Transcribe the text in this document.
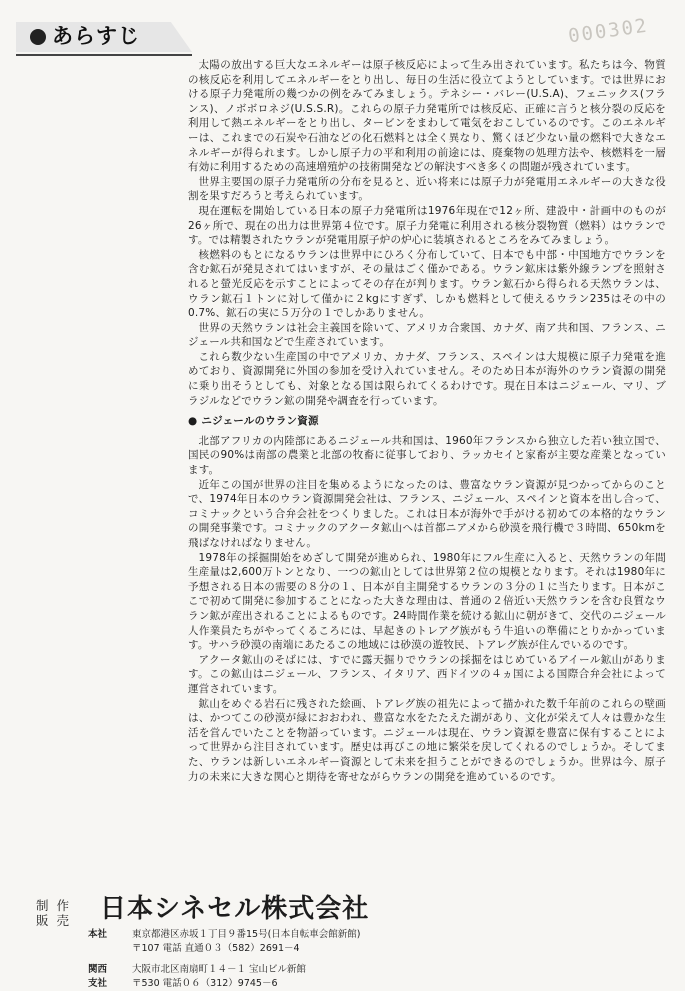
あらすじ	000302

太陽の放出する巨大なエネルギーは原子核反応によって生み出されています。私たちは今、物質の核反応を利用してエネルギーをとり出し、毎日の生活に役立てようとしています。では世界における原子力発電所の幾つかの例をみてみましょう。テネシー・バレー(U.S.A)、フェニックス(フランス)、ノボボロネジ(U.S.S.R)。これらの原子力発電所では核反応、正確に言うと核分裂の反応を利用して熱エネルギーをとり出し、タービンをまわして電気をおこしているのです。このエネルギーは、これまでの石炭や石油などの化石燃料とは全く異なり、驚くほど少ない量の燃料で大きなエネルギーが得られます。しかし原子力の平和利用の前途には、廃棄物の処理方法や、核燃料を一層有効に利用するための高速増殖炉の技術開発などの解決すべき多くの問題が残されています。

世界主要国の原子力発電所の分布を見ると、近い将来には原子力が発電用エネルギーの大きな役割を果すだろうと考えられています。

現在運転を開始している日本の原子力発電所は1976年現在で12ヶ所、建設中・計画中のものが26ヶ所で、現在の出力は世界第４位です。原子力発電に利用される核分裂物質（燃料）はウランです。では精製されたウランが発電用原子炉の炉心に装填されるところをみてみましょう。

核燃料のもとになるウランは世界中にひろく分布していて、日本でも中部・中国地方でウランを含む鉱石が発見されてはいますが、その量はごく僅かである。ウラン鉱床は紫外線ランプを照射されると螢光反応を示すことによってその存在が判ります。ウラン鉱石から得られる天然ウランは、ウラン鉱石１トンに対して僅かに２kgにすぎず、しかも燃料として使えるウラン235はその中の0.7%、鉱石の実に５万分の１でしかありません。

世界の天然ウランは社会主義国を除いて、アメリカ合衆国、カナダ、南ア共和国、フランス、ニジェール共和国などで生産されています。

これら数少ない生産国の中でアメリカ、カナダ、フランス、スペインは大規模に原子力発電を進めており、資源開発に外国の参加を受け入れていません。そのため日本が海外のウラン資源の開発に乗り出そうとしても、対象となる国は限られてくるわけです。現在日本はニジェール、マリ、ブラジルなどでウラン鉱の開発や調査を行っています。

● ニジェールのウラン資源

北部アフリカの内陸部にあるニジェール共和国は、1960年フランスから独立した若い独立国で、国民の90%は南部の農業と北部の牧畜に従事しており、ラッカセイと家畜が主要な産業となっています。

近年この国が世界の注目を集めるようになったのは、豊富なウラン資源が見つかってからのことで、1974年日本のウラン資源開発会社は、フランス、ニジェール、スペインと資本を出し合って、コミナックという合弁会社をつくりました。これは日本が海外で手がける初めての本格的なウランの開発事業です。コミナックのアクータ鉱山へは首都ニアメから砂漠を飛行機で３時間、650kmを飛ばなければなりません。

1978年の採掘開始をめざして開発が進められ、1980年にフル生産に入ると、天然ウランの年間生産量は2,600万トンとなり、一つの鉱山としては世界第２位の規模となります。それは1980年に予想される日本の需要の８分の１、日本が自主開発するウランの３分の１に当たります。日本がここで初めて開発に参加することになった大きな理由は、普通の２倍近い天然ウランを含む良質なウラン鉱が産出されることによるものです。24時間作業を続ける鉱山に朝がきて、交代のニジェール人作業員たちがやってくるころには、早起きのトレアグ族がもう牛追いの準備にとりかかっています。サハラ砂漠の南端にあたるこの地域には砂漠の遊牧民、トアレグ族が住んでいるのです。

アクータ鉱山のそばには、すでに露天掘りでウランの採掘をはじめているアイール鉱山があります。この鉱山はニジェール、フランス、イタリア、西ドイツの４ヵ国による国際合弁会社によって運営されています。

鉱山をめぐる岩石に残された絵画、トアレグ族の祖先によって描かれた数千年前のこれらの壁画は、かつてこの砂漠が緑におおわれ、豊富な水をたたえた湖があり、文化が栄えて人々は豊かな生活を営んでいたことを物語っています。ニジェールは現在、ウラン資源を豊富に保有することによって世界から注目されています。歴史は再びこの地に繁栄を戻してくれるのでしょうか。そしてまた、ウランは新しいエネルギー資源として未来を担うことができるのでしょうか。世界は今、原子力の未来に大きな関心と期待を寄せながらウランの開発を進めているのです。

制作
販売 日本シネセル株式会社
本社	東京都港区赤坂１丁目９番15号(日本自転車会館新館)
〒107 電話 直通０３（582）2691－4
関西
支社
大阪市北区南扇町１４－１ 宝山ビル新館
〒530 電話０６（312）9745－6
